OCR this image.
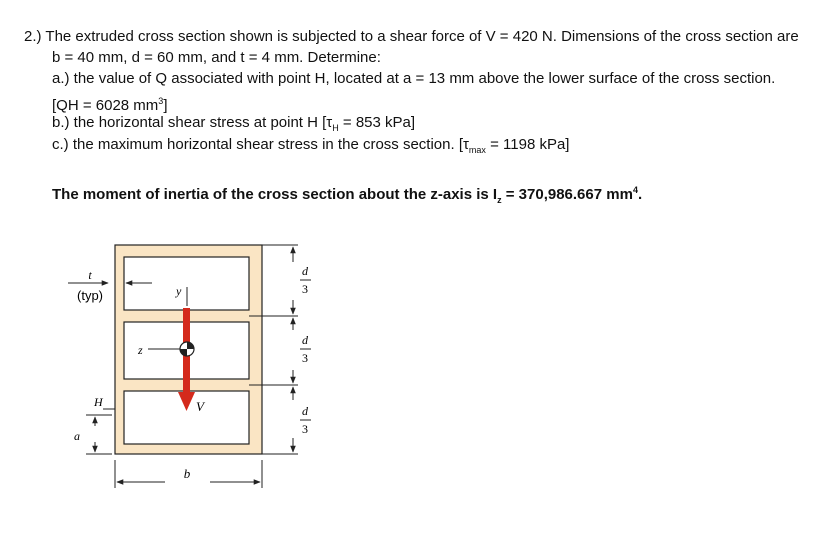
2.) The extruded cross section shown is subjected to a shear force of V = 420 N. Dimensions of the cross section are
b = 40 mm, d = 60 mm, and t = 4 mm. Determine:
a.) the value of Q associated with point H, located at a = 13 mm above the lower surface of the cross section.
[QH = 6028 $mm^3$]
b.) the horizontal shear stress at point H [$\tau_H = 853$ kPa]
c.) the maximum horizontal shear stress in the cross section. [$\tau_{max} = 1198$ kPa]
The moment of inertia of the cross section about the z-axis is $I_z = 370,986.667$ $mm^4$.
t
(typ)	y
z
V
H
a
b
d
3
d
3
d
3
